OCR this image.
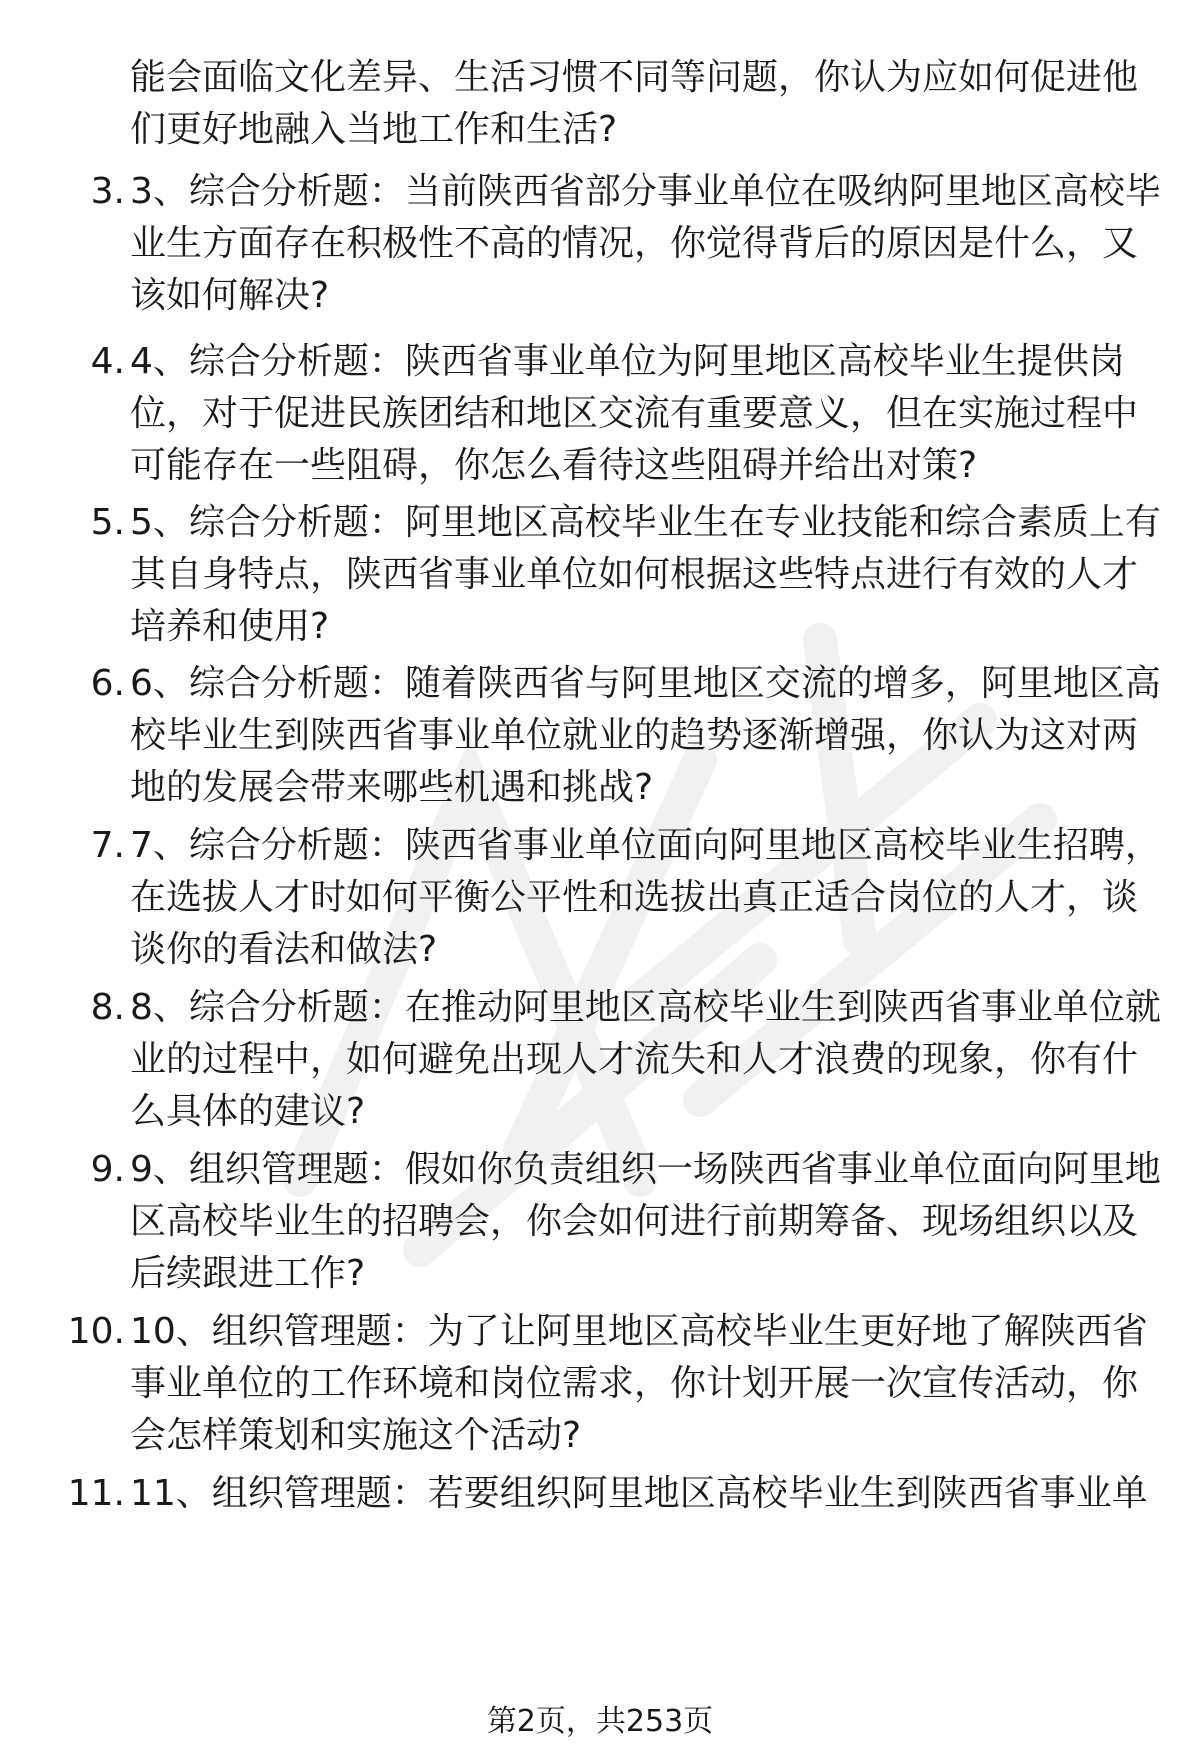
能会面临文化差异、生活习惯不同等问题，你认为应如何促进他们更好地融入当地工作和生活?
3. 3、综合分析题：当前陕西省部分事业单位在吸纳阿里地区高校毕业生方面存在积极性不高的情况，你觉得背后的原因是什么，又该如何解决?
4. 4、综合分析题：陕西省事业单位为阿里地区高校毕业生提供岗位，对于促进民族团结和地区交流有重要意义，但在实施过程中可能存在一些阻碍，你怎么看待这些阻碍并给出对策?
5. 5、综合分析题：阿里地区高校毕业生在专业技能和综合素质上有其自身特点，陕西省事业单位如何根据这些特点进行有效的人才培养和使用?
6. 6、综合分析题：随着陕西省与阿里地区交流的增多，阿里地区高校毕业生到陕西省事业单位就业的趋势逐渐增强，你认为这对两地的发展会带来哪些机遇和挑战?
7. 7、综合分析题：陕西省事业单位面向阿里地区高校毕业生招聘，在选拔人才时如何平衡公平性和选拔出真正适合岗位的人才，谈谈你的看法和做法?
8. 8、综合分析题：在推动阿里地区高校毕业生到陕西省事业单位就业的过程中，如何避免出现人才流失和人才浪费的现象，你有什么具体的建议?
9. 9、组织管理题：假如你负责组织一场陕西省事业单位面向阿里地区高校毕业生的招聘会，你会如何进行前期筹备、现场组织以及后续跟进工作?
10. 10、组织管理题：为了让阿里地区高校毕业生更好地了解陕西省事业单位的工作环境和岗位需求，你计划开展一次宣传活动，你会怎样策划和实施这个活动?
11. 11、组织管理题：若要组织阿里地区高校毕业生到陕西省事业单
第2页，共253页
